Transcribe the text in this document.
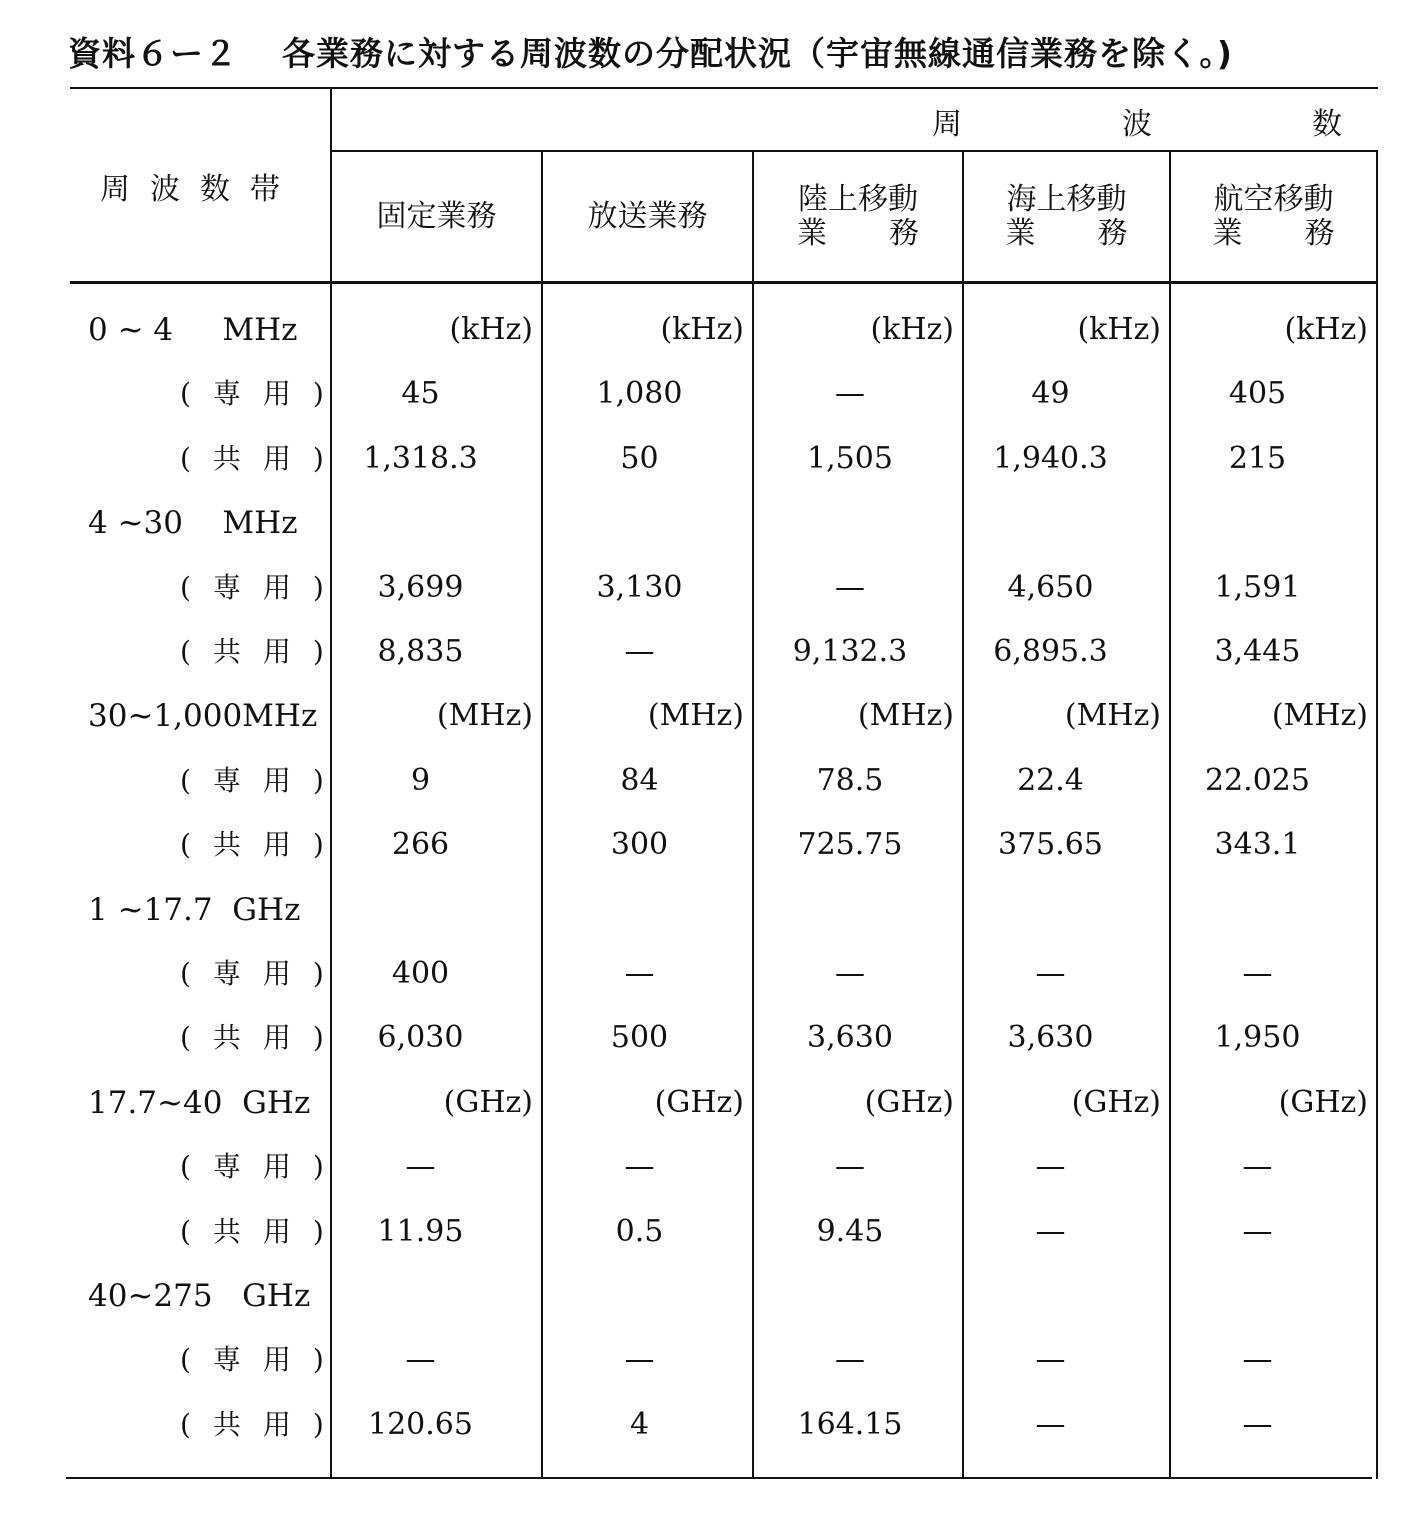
資料６ー２ 各業務に対する周波数の分配状況（宇宙無線通信業務を除く。)
周	波	数
周波数帯
固定業務	放送業務	陸上移動
業務
海上移動
業務
航空移動
業務
0 ~ 4     MHz	(kHz)	(kHz)	(kHz)	(kHz)	(kHz)
(専用)	45	1,080	—	49	405
(共用) 1,318.3	50	1,505	1,940.3	215
4 ~30    MHz
(専用)	3,699	3,130	—	4,650	1,591
(共用)	8,835	—	9,132.3	6,895.3	3,445
30~1,000MHz	(MHz)	(MHz)	(MHz)	(MHz)	(MHz)
(専用)	9	84	78.5	22.4	22.025
(共用)	266	300	725.75	375.65	343.1
1 ~17.7  GHz
(専用)	400	—	—	—	—
(共用)	6,030	500	3,630	3,630	1,950
17.7~40  GHz	(GHz)	(GHz)	(GHz)	(GHz)	(GHz)
(専用)	—	—	—	—	—
(共用)	11.95	0.5	9.45	—	—
40~275   GHz
(専用)	—	—	—	—	—
(共用) 120.65	4	164.15	—	—
